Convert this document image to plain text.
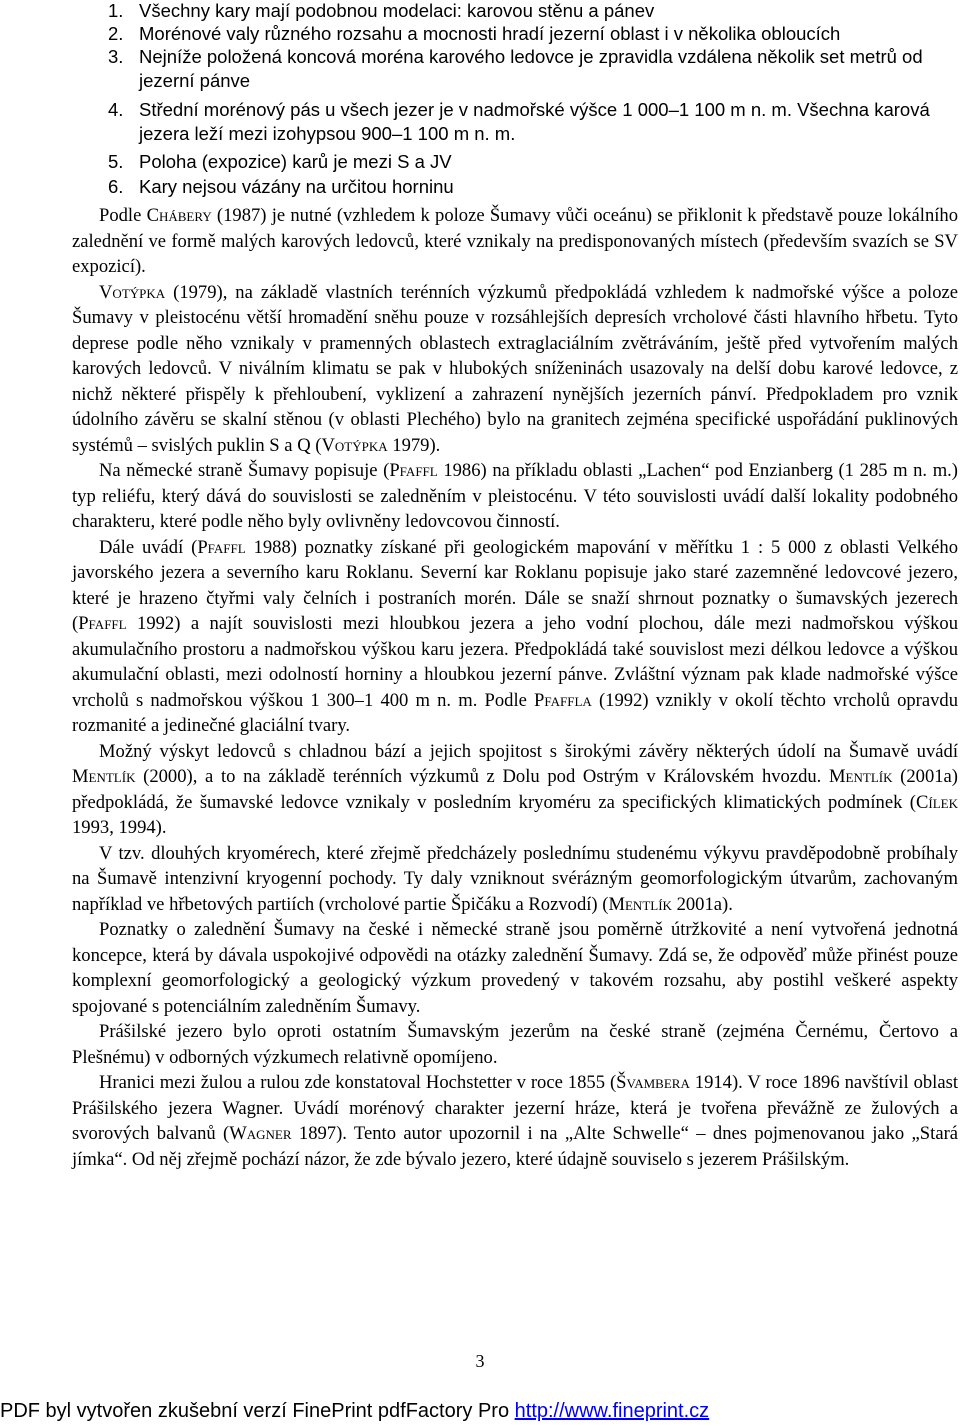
1. Všechny kary mají podobnou modelaci: karovou stěnu a pánev
2. Morénové valy různého rozsahu a mocnosti hradí jezerní oblast i v několika obloucích
3. Nejníže položená koncová moréna karového ledovce je zpravidla vzdálena několik set metrů od jezerní pánve
4. Střední morénový pás u všech jezer je v nadmořské výšce 1 000–1 100 m n. m. Všechna karová jezera leží mezi izohypsou 900–1 100 m n. m.
5. Poloha (expozice) karů je mezi S a JV
6. Kary nejsou vázány na určitou horninu

Podle Chábery (1987) je nutné (vzhledem k poloze Šumavy vůči oceánu) se přiklonit k představě pouze lokálního zalednění ve formě malých karových ledovců, které vznikaly na predisponovaných místech (především svazích se SV expozicí).

Votýpka (1979), na základě vlastních terénních výzkumů předpokládá vzhledem k nadmořské výšce a poloze Šumavy v pleistocénu větší hromadění sněhu pouze v rozsáhlejších depresích vrcholové části hlavního hřbetu. Tyto deprese podle něho vznikaly v pramenných oblastech extraglaciálním zvětráváním, ještě před vytvořením malých karových ledovců. V niválním klimatu se pak v hlubokých sníženinách usazovaly na delší dobu karové ledovce, z nichž některé přispěly k přehloubení, vyklizení a zahrazení nynějších jezerních pánví. Předpokladem pro vznik údolního závěru se skalní stěnou (v oblasti Plechého) bylo na granitech zejména specifické uspořádání puklinových systémů – svislých puklin S a Q (Votýpka 1979).

Na německé straně Šumavy popisuje (Pfaffl 1986) na příkladu oblasti „Lachen“ pod Enzianberg (1 285 m n. m.) typ reliéfu, který dává do souvislosti se zaledněním v pleistocénu. V této souvislosti uvádí další lokality podobného charakteru, které podle něho byly ovlivněny ledovcovou činností.

Dále uvádí (Pfaffl 1988) poznatky získané při geologickém mapování v měřítku 1 : 5 000 z oblasti Velkého javorského jezera a severního karu Roklanu. Severní kar Roklanu popisuje jako staré zazemněné ledovcové jezero, které je hrazeno čtyřmi valy čelních i postraních morén. Dále se snaží shrnout poznatky o šumavských jezerech (Pfaffl 1992) a najít souvislosti mezi hloubkou jezera a jeho vodní plochou, dále mezi nadmořskou výškou akumulačního prostoru a nadmořskou výškou karu jezera. Předpokládá také souvislost mezi délkou ledovce a výškou akumulační oblasti, mezi odolností horniny a hloubkou jezerní pánve. Zvláštní význam pak klade nadmořské výšce vrcholů s nadmořskou výškou 1 300–1 400 m n. m. Podle Pfaffla (1992) vznikly v okolí těchto vrcholů opravdu rozmanité a jedinečné glaciální tvary.

Možný výskyt ledovců s chladnou bází a jejich spojitost s širokými závěry některých údolí na Šumavě uvádí Mentlík (2000), a to na základě terénních výzkumů z Dolu pod Ostrým v Královském hvozdu. Mentlík (2001a) předpokládá, že šumavské ledovce vznikaly v posledním kryoméru za specifických klimatických podmínek (Cílek 1993, 1994).

V tzv. dlouhých kryomérech, které zřejmě předcházely poslednímu studenému výkyvu pravděpodobně probíhaly na Šumavě intenzivní kryogenní pochody. Ty daly vzniknout svérázným geomorfologickým útvarům, zachovaným například ve hřbetových partiích (vrcholové partie Špičáku a Rozvodí) (Mentlík 2001a).

Poznatky o zalednění Šumavy na české i německé straně jsou poměrně útržkovité a není vytvořená jednotná koncepce, která by dávala uspokojivé odpovědi na otázky zalednění Šumavy. Zdá se, že odpověď může přinést pouze komplexní geomorfologický a geologický výzkum provedený v takovém rozsahu, aby postihl veškeré aspekty spojované s potenciálním zaledněním Šumavy.

Prášilské jezero bylo oproti ostatním Šumavským jezerům na české straně (zejména Černému, Čertovo a Plešnému) v odborných výzkumech relativně opomíjeno.

Hranici mezi žulou a rulou zde konstatoval Hochstetter v roce 1855 (Švambera 1914). V roce 1896 navštívil oblast Prášilského jezera Wagner. Uvádí morénový charakter jezerní hráze, která je tvořena převážně ze žulových a svorových balvanů (Wagner 1897). Tento autor upozornil i na „Alte Schwelle“ – dnes pojmenovanou jako „Stará jímka“. Od něj zřejmě pochází názor, že zde bývalo jezero, které údajně souviselo s jezerem Prášilským.

3
PDF byl vytvořen zkušební verzí FinePrint pdfFactory Pro http://www.fineprint.cz
